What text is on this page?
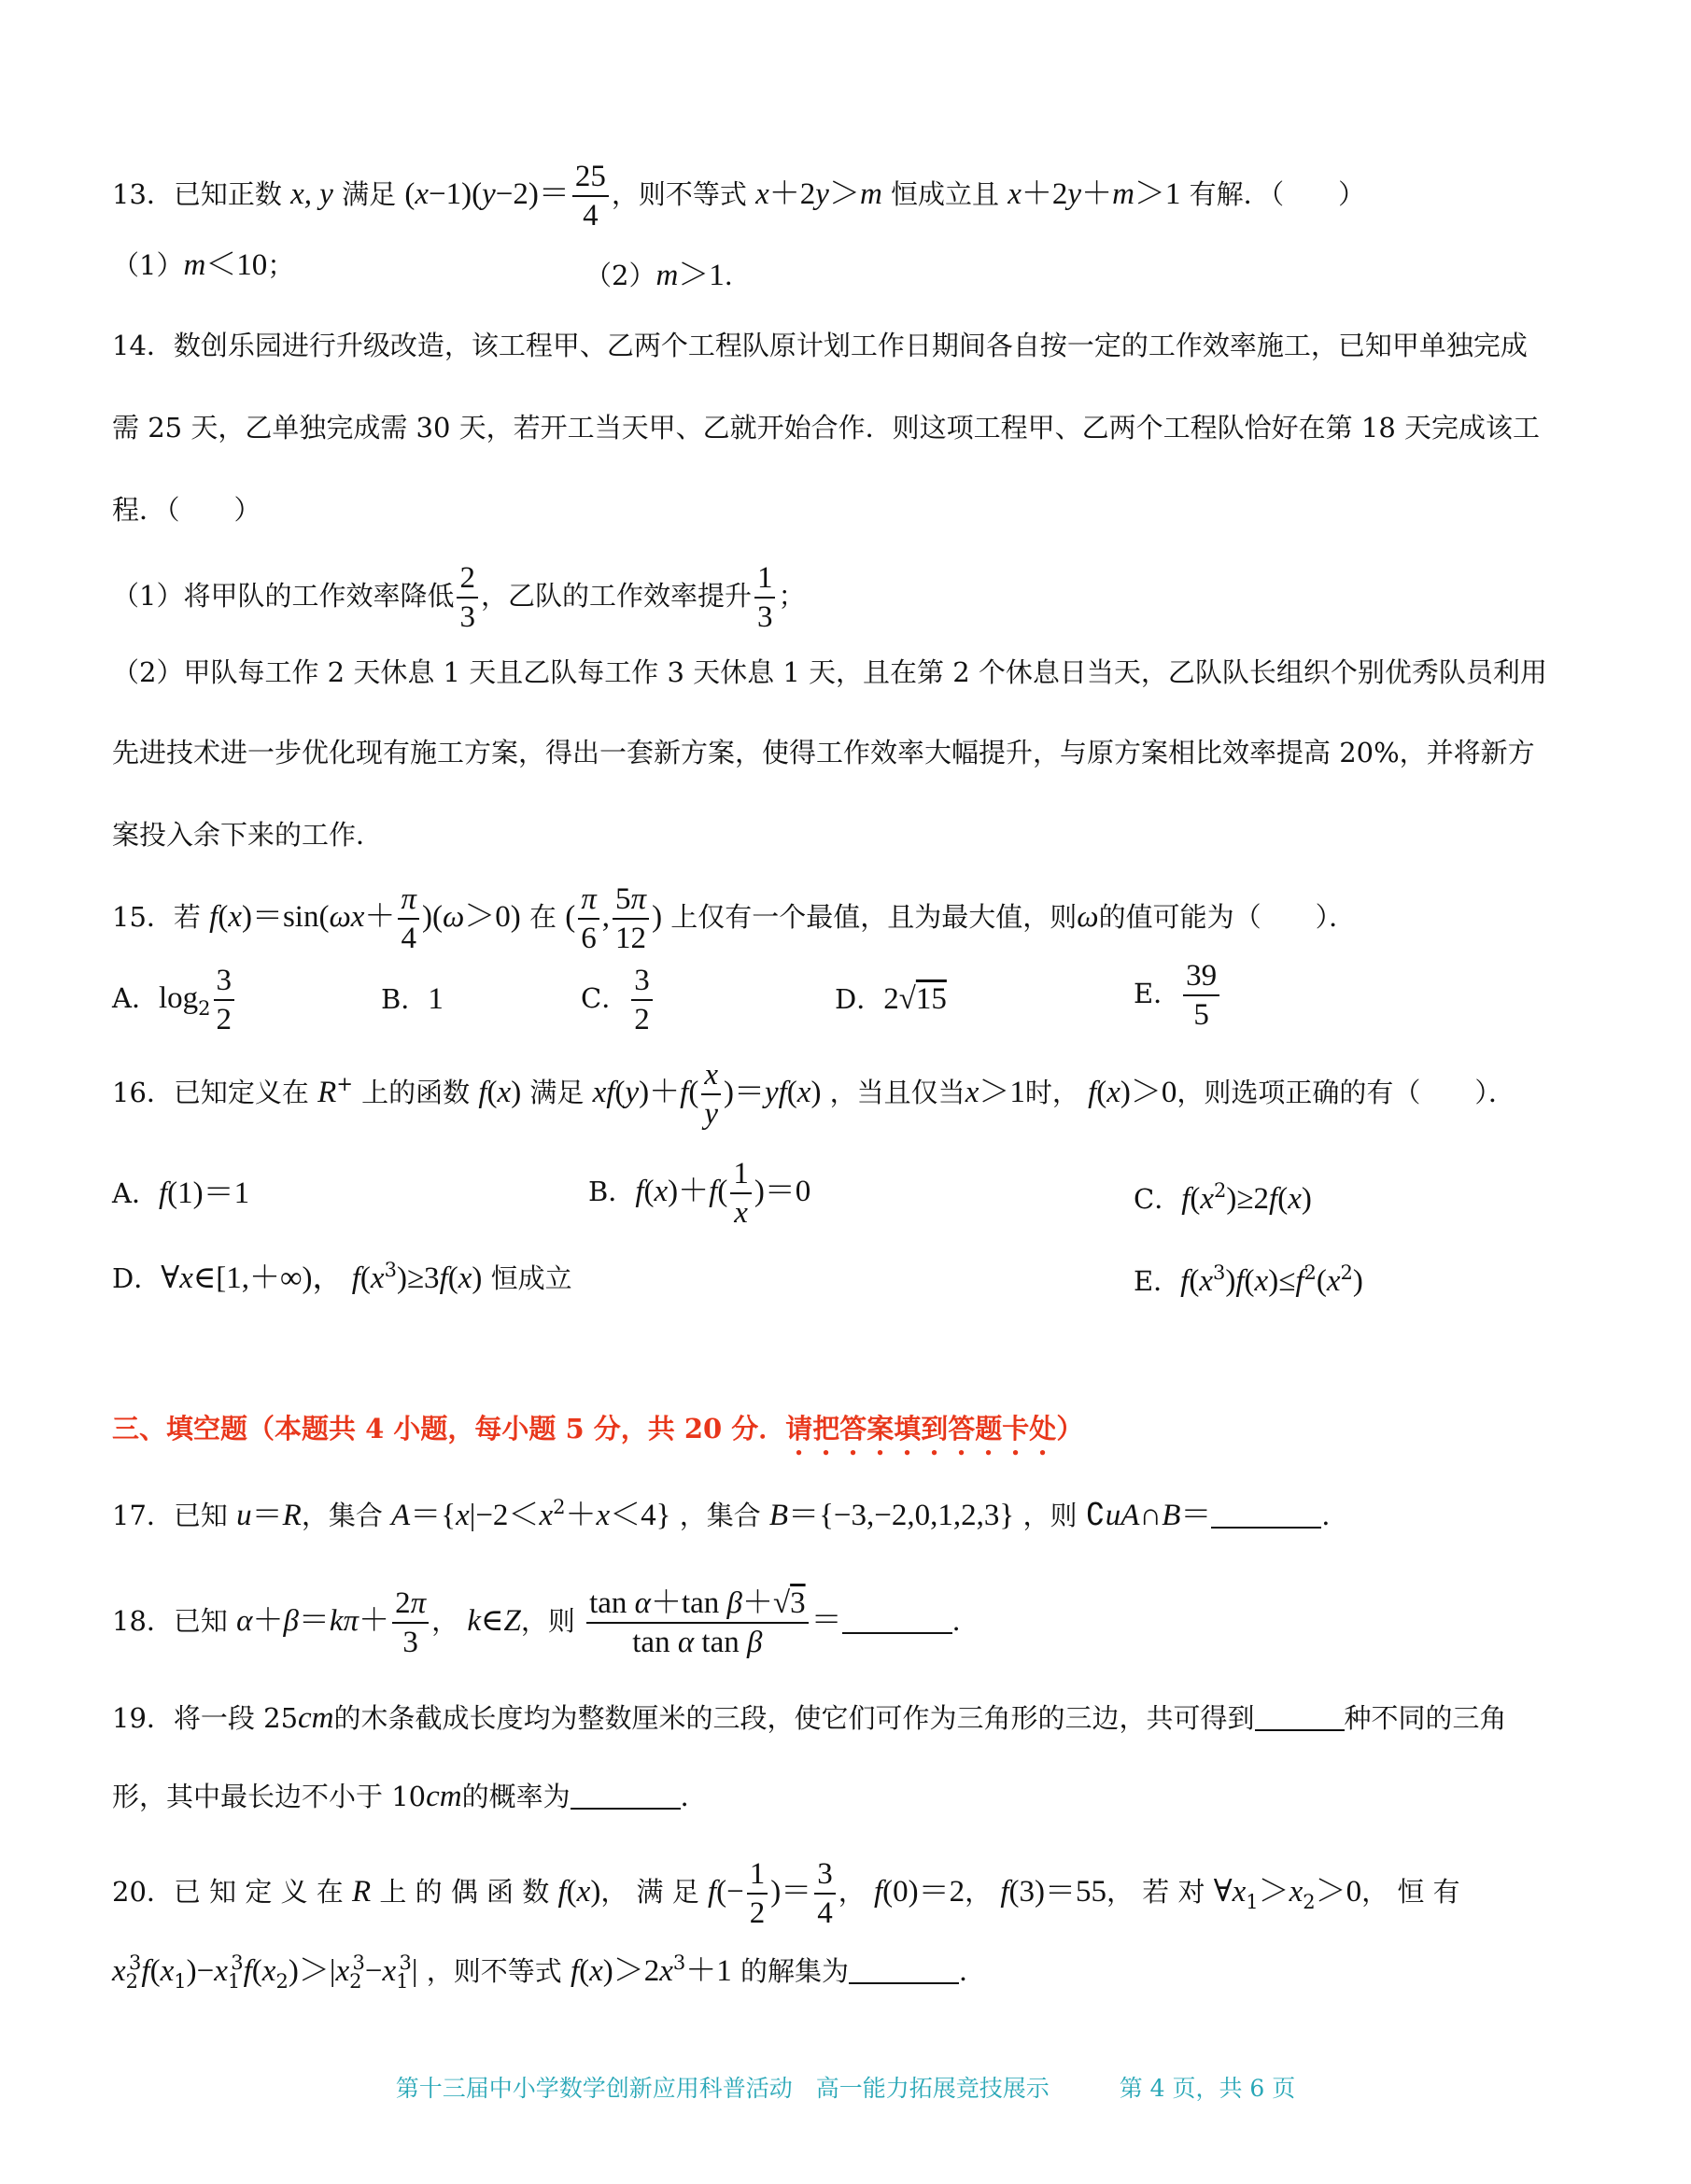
13．已知正数 x, y 满足 $(x-1)(y-2)= \frac{25}{4}$ ，则不等式 x＋2y＞m 恒成立且 x＋2y＋m＞1 有解．（　　）
（1）m＜10；	（2）m＞1．
14．数创乐园进行升级改造，该工程甲、乙两个工程队原计划工作日期间各自按一定的工作效率施工，已知甲单独完成
需 25 天，乙单独完成需 30 天，若开工当天甲、乙就开始合作．则这项工程甲、乙两个工程队恰好在第 18 天完成该工
程．（　　）
（1）将甲队的工作效率降低 $\frac{2}{3}$ ，乙队的工作效率提升 $\frac{1}{3}$ ；
（2）甲队每工作 2 天休息 1 天且乙队每工作 3 天休息 1 天，且在第 2 个休息日当天，乙队队长组织个别优秀队员利用
先进技术进一步优化现有施工方案，得出一套新方案，使得工作效率大幅提升，与原方案相比效率提高 20%，并将新方
案投入余下来的工作．
15．若 $f(x)=\sin(\omega x+ \frac{\pi}{4} )(\omega>0)$ 在 ( $\frac{\pi}{6}$ , $\frac{5\pi}{12}$ ) 上仅有一个最值，且为最大值，则ω的值可能为（　　）．
A．$\log_2 \frac{3}{2}$	B．1	C． $\frac{3}{2}$	D．2√15	E． $\frac{39}{5}$
16．已知定义在 R+ 上的函数 f(x) 满足 $xf(y)+f( \frac{x}{y} )=yf(x)$ ，当且仅当x＞1时， f(x)＞0，则选项正确的有（　　）．
A．f(1)＝1	B．$f(x)+f( \frac{1}{x} )=0$	C．$f(x^2)\ge 2f(x)$
D．∀x∈[1,＋∞)， $f(x^3)\ge 3f(x)$ 恒成立	E．$f(x^3)f(x)\le f^2(x^2)$
三、填空题（本题共 4 小题，每小题 5 分，共 20 分．请把答案填到答题卡处）
17．已知 u＝R，集合 $A=\{x|-2<x^2+x<4\}$ ，集合 B＝{−3,−2,0,1,2,3} ，则 ∁uA∩B＝	．
18．已知 $\alpha+\beta=k\pi+ \frac{2\pi}{3}$ ， k∈Z，则 $\frac{\text{tan α＋tan β＋√3}}{\text{tan α tan β}}$ ＝	．
19．将一段 25cm的木条截成长度均为整数厘米的三段，使它们可作为三角形的三边，共可得到	种不同的三角
形，其中最长边不小于 10cm的概率为	．
20．已 知 定 义 在 R 上 的 偶 函 数 f(x)， 满 足 $f(- \frac{1}{2}$ )＝ $\frac{3}{4}$ ， f(0)＝2， f(3)＝55， 若 对 $\forall x_1>x_2>0$， 恒 有
$x_2^3f(x_1)-x_1^3f(x_2)>|x_2^3-x_1^3|$ ，则不等式 $f(x)>2x^3+1$ 的解集为	．
第十三届中小学数学创新应用科普活动　高一能力拓展竞技展示　　　第 4 页，共 6 页
